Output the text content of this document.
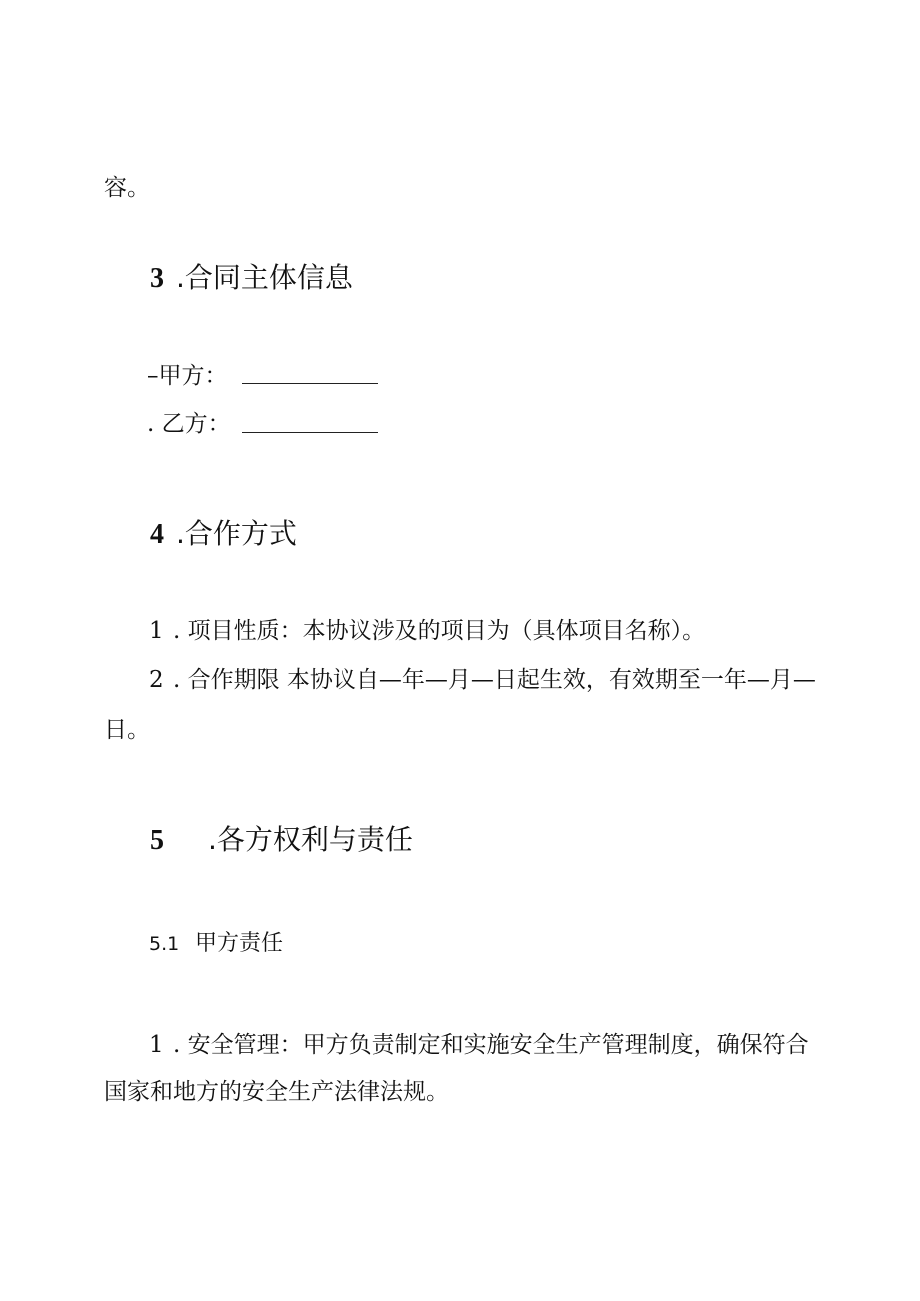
容。
3 .合同主体信息
–甲方：
. 乙方：
4 .合作方式
1 . 项目性质：本协议涉及的项目为（具体项目名称）。
2 . 合作期限 本协议自—年—月—日起生效，有效期至一年—月—
日。
5 .各方权利与责任
5.1 甲方责任
1 . 安全管理：甲方负责制定和实施安全生产管理制度，确保符合
国家和地方的安全生产法律法规。
